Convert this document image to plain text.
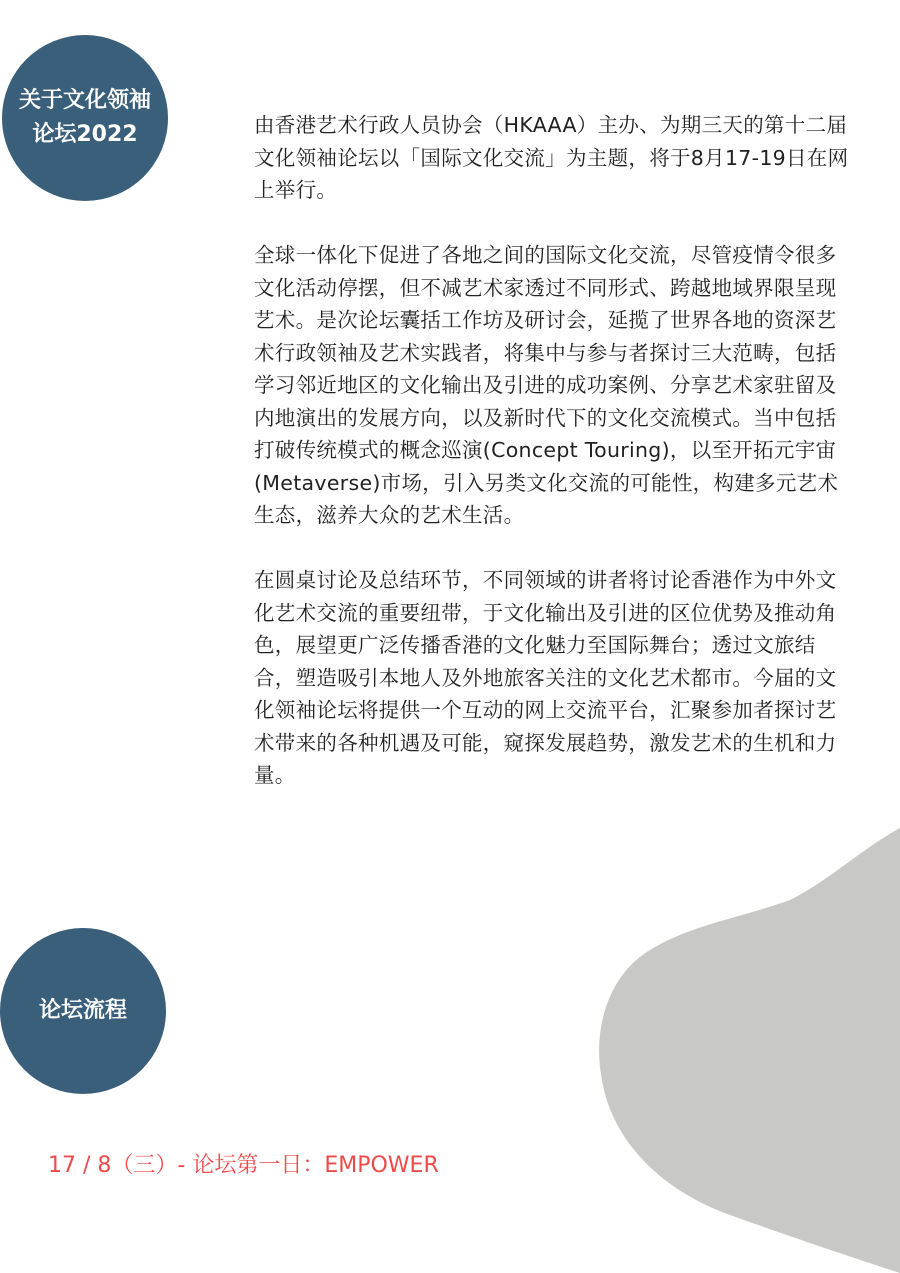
关于文化领袖论坛2022	由香港艺术行政人员协会（HKAAA）主办、为期三天的第十二届文化领袖论坛以「国际文化交流」为主题，将于8月17-19日在网上举行。

全球一体化下促进了各地之间的国际文化交流，尽管疫情令很多文化活动停摆，但不减艺术家透过不同形式、跨越地域界限呈现艺术。是次论坛囊括工作坊及研讨会，延揽了世界各地的资深艺术行政领袖及艺术实践者，将集中与参与者探讨三大范畴，包括学习邻近地区的文化输出及引进的成功案例、分享艺术家驻留及内地演出的发展方向，以及新时代下的文化交流模式。当中包括打破传统模式的概念巡演(Concept Touring)，以至开拓元宇宙(Metaverse)市场，引入另类文化交流的可能性，构建多元艺术生态，滋养大众的艺术生活。

在圆桌讨论及总结环节，不同领域的讲者将讨论香港作为中外文化艺术交流的重要纽带，于文化输出及引进的区位优势及推动角色，展望更广泛传播香港的文化魅力至国际舞台；透过文旅结合，塑造吸引本地人及外地旅客关注的文化艺术都市。今届的文化领袖论坛将提供一个互动的网上交流平台，汇聚参加者探讨艺术带来的各种机遇及可能，窥探发展趋势，激发艺术的生机和力量。

论坛流程
17 / 8（三）- 论坛第一日：EMPOWER
